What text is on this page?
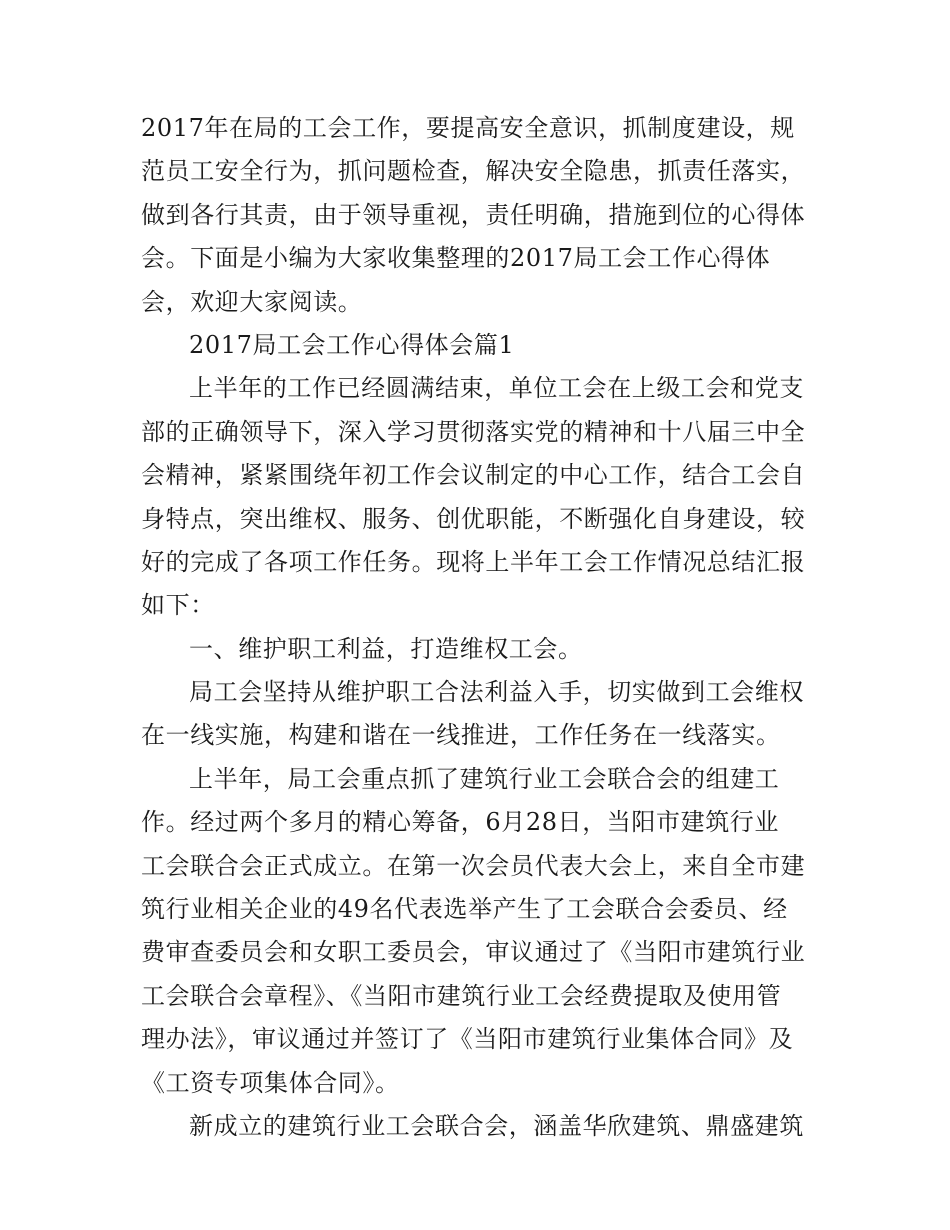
2017年在局的工会工作，要提高安全意识，抓制度建设，规
范员工安全行为，抓问题检查，解决安全隐患，抓责任落实，
做到各行其责，由于领导重视，责任明确，措施到位的心得体
会。下面是小编为大家收集整理的2017局工会工作心得体
会，欢迎大家阅读。
2017局工会工作心得体会篇1
上半年的工作已经圆满结束，单位工会在上级工会和党支
部的正确领导下，深入学习贯彻落实党的精神和十八届三中全
会精神，紧紧围绕年初工作会议制定的中心工作，结合工会自
身特点，突出维权、服务、创优职能，不断强化自身建设，较
好的完成了各项工作任务。现将上半年工会工作情况总结汇报
如下：
一、维护职工利益，打造维权工会。
局工会坚持从维护职工合法利益入手，切实做到工会维权
在一线实施，构建和谐在一线推进，工作任务在一线落实。
上半年，局工会重点抓了建筑行业工会联合会的组建工
作。经过两个多月的精心筹备，6月28日，当阳市建筑行业
工会联合会正式成立。在第一次会员代表大会上，来自全市建
筑行业相关企业的49名代表选举产生了工会联合会委员、经
费审查委员会和女职工委员会，审议通过了《当阳市建筑行业
工会联合会章程》、《当阳市建筑行业工会经费提取及使用管
理办法》，审议通过并签订了《当阳市建筑行业集体合同》及
《工资专项集体合同》。
新成立的建筑行业工会联合会，涵盖华欣建筑、鼎盛建筑
